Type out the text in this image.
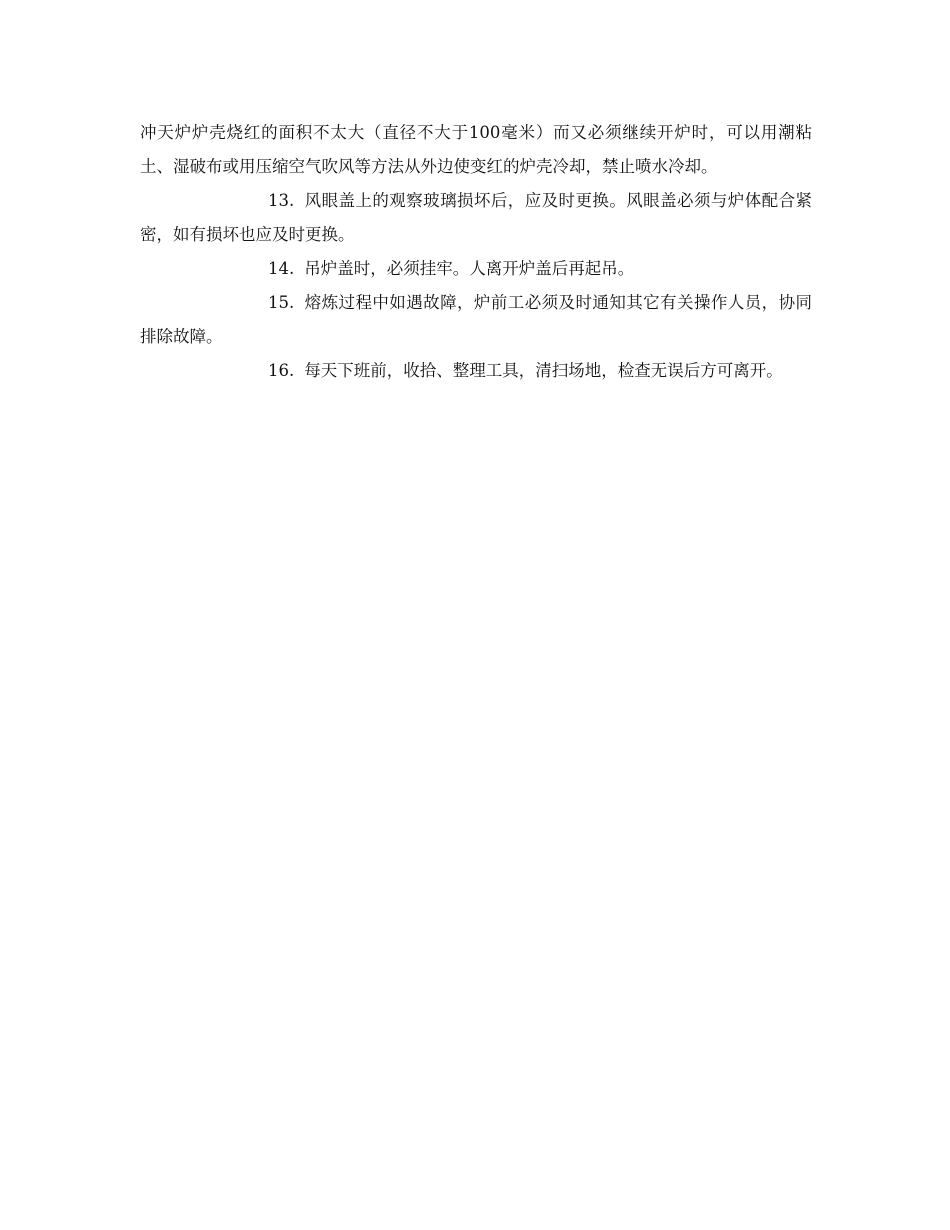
冲天炉炉壳烧红的面积不太大（直径不大于100毫米）而又必须继续开炉时，可以用潮粘土、湿破布或用压缩空气吹风等方法从外边使变红的炉壳冷却，禁止喷水冷却。

13. 风眼盖上的观察玻璃损坏后，应及时更换。风眼盖必须与炉体配合紧密，如有损坏也应及时更换。

14. 吊炉盖时，必须挂牢。人离开炉盖后再起吊。

15. 熔炼过程中如遇故障，炉前工必须及时通知其它有关操作人员，协同排除故障。

16. 每天下班前，收拾、整理工具，清扫场地，检查无误后方可离开。
